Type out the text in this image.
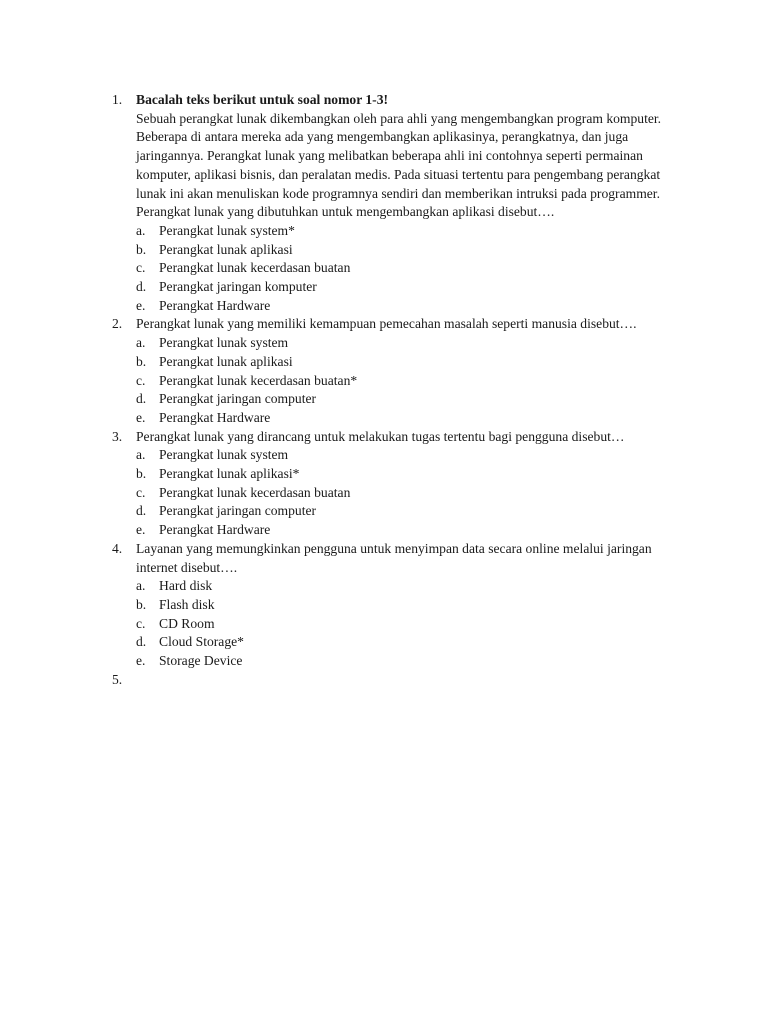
1. Bacalah teks berikut untuk soal nomor 1-3!
Sebuah perangkat lunak dikembangkan oleh para ahli yang mengembangkan program komputer. Beberapa di antara mereka ada yang mengembangkan aplikasinya, perangkatnya, dan juga jaringannya. Perangkat lunak yang melibatkan beberapa ahli ini contohnya seperti permainan komputer, aplikasi bisnis, dan peralatan medis. Pada situasi tertentu para pengembang perangkat lunak ini akan menuliskan kode programnya sendiri dan memberikan intruksi pada programmer. Perangkat lunak yang dibutuhkan untuk mengembangkan aplikasi disebut….
a. Perangkat lunak system*
b. Perangkat lunak aplikasi
c. Perangkat lunak kecerdasan buatan
d. Perangkat jaringan komputer
e. Perangkat Hardware
2. Perangkat lunak yang memiliki kemampuan pemecahan masalah seperti manusia disebut….
a. Perangkat lunak system
b. Perangkat lunak aplikasi
c. Perangkat lunak kecerdasan buatan*
d. Perangkat jaringan computer
e. Perangkat Hardware
3. Perangkat lunak yang dirancang untuk melakukan tugas tertentu bagi pengguna disebut…
a. Perangkat lunak system
b. Perangkat lunak aplikasi*
c. Perangkat lunak kecerdasan buatan
d. Perangkat jaringan computer
e. Perangkat Hardware
4. Layanan yang memungkinkan pengguna untuk menyimpan data secara online melalui jaringan internet disebut….
a. Hard disk
b. Flash disk
c. CD Room
d. Cloud Storage*
e. Storage Device
5.
